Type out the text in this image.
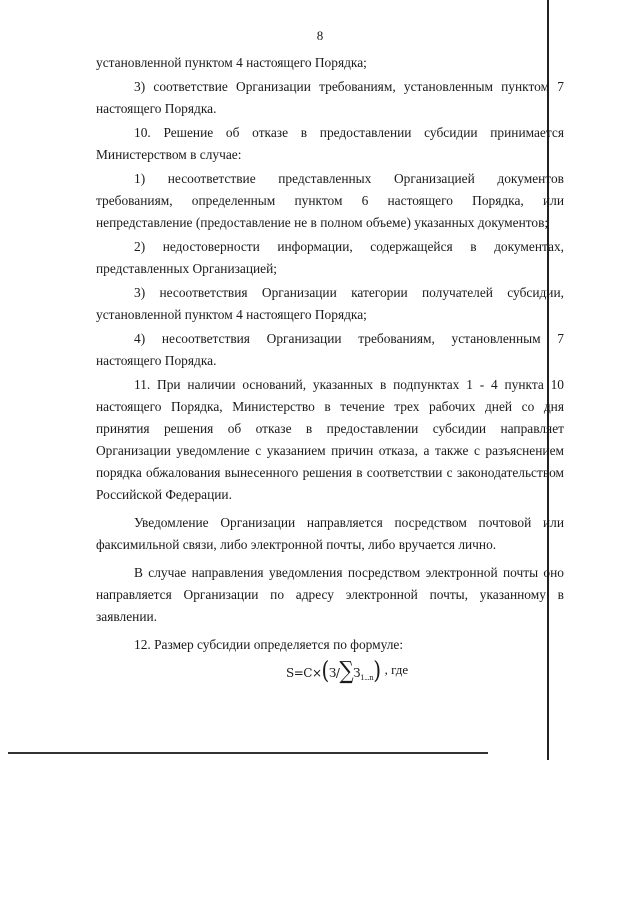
8

установленной пунктом 4 настоящего Порядка;

3) соответствие Организации требованиям, установленным пунктом 7 настоящего Порядка.

10. Решение об отказе в предоставлении субсидии принимается Министерством в случае:

1) несоответствие представленных Организацией документов требованиям, определенным пунктом 6 настоящего Порядка, или непредставление (предоставление не в полном объеме) указанных документов;

2) недостоверности информации, содержащейся в документах, представленных Организацией;

3) несоответствия Организации категории получателей субсидии, установленной пунктом 4 настоящего Порядка;

4) несоответствия Организации требованиям, установленным 7 настоящего Порядка.

11. При наличии оснований, указанных в подпунктах 1 - 4 пункта 10 настоящего Порядка, Министерство в течение трех рабочих дней со дня принятия решения об отказе в предоставлении субсидии направляет Организации уведомление с указанием причин отказа, а также с разъяснением порядка обжалования вынесенного решения в соответствии с законодательством Российской Федерации.

Уведомление Организации направляется посредством почтовой или факсимильной связи, либо электронной почты, либо вручается лично.

В случае направления уведомления посредством электронной почты оно направляется Организации по адресу электронной почты, указанному в заявлении.

12. Размер субсидии определяется по формуле:

$S=C\times(З/\sum З_{1...n})$ , где
